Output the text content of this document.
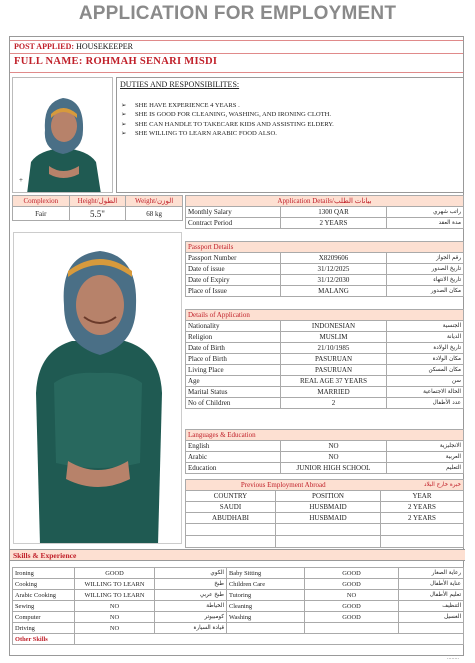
APPLICATION FOR EMPLOYMENT
POST APPLIED: HOUSEKEEPER
FULL NAME: ROHMAH SENARI MISDI
+
DUTIES AND RESPONSIBILITES:
➢ SHE HAVE EXPERIENCE 4 YEARS .
➢ SHE IS GOOD FOR CLEANING, WASHING, AND IRONING CLOTH.
➢ SHE CAN HANDLE TO TAKECARE KIDS AND ASSISTING ELDERY.
➢ SHE WILLING TO LEARN ARABIC FOOD ALSO.
Complexion	Height/الطول	Weight/الوزن
Fair	5.5"	68 kg
Application Details/بيانات الطلب		
Monthly Salary	1300 QAR	راتب شهري
Contract Period	2 YEARS	مدة العقد
Passport Details		
Passport Number	X8209606	رقم الجواز
Date of issue	31/12/2025	تاريخ الصدور
Date of Expiry	31/12/2030	تاريخ الانتهاء
Place of Issue	MALANG	مكان الصدور
Details of Application		
Nationality	INDONESIAN	الجنسية
Religion	MUSLIM	الديانة
Date of Birth	21/10/1985	تاريخ الولادة
Place of Birth	PASURUAN	مكان الولادة
Living Place	PASURUAN	مكان المسكن
Age	REAL AGE 37 YEARS	سن
Marital Status	MARRIED	الحالة الاجتماعية
No of Children	2	عدد الأطفال
Languages & Education		
English	NO	الانجليزية
Arabic	NO	العربية
Education	JUNIOR HIGH SCHOOL	التعليم
Previous Employment Abroad		خبرة خارج البلاد
COUNTRY	POSITION	YEAR
SAUDI	HUSBMAID	2 YEARS
ABUDHABI	HUSBMAID	2 YEARS

Skills & Experience
Ironing	GOOD	الكوي	Baby Sitting	GOOD	رعاية الصغار
Cooking	WILLING TO LEARN	طبخ	Children Care	GOOD	عناية الأطفال
Arabic Cooking	WILLING TO LEARN	طبخ عربي	Tutoring	NO	تعليم الأطفال
Sewing	NO	الخياطة	Cleaning	GOOD	التنظيف
Computer	NO	كومبيوتر	Washing	GOOD	الغسيل
Driving	NO	قيادة السيارة			
Other Skills					
........
